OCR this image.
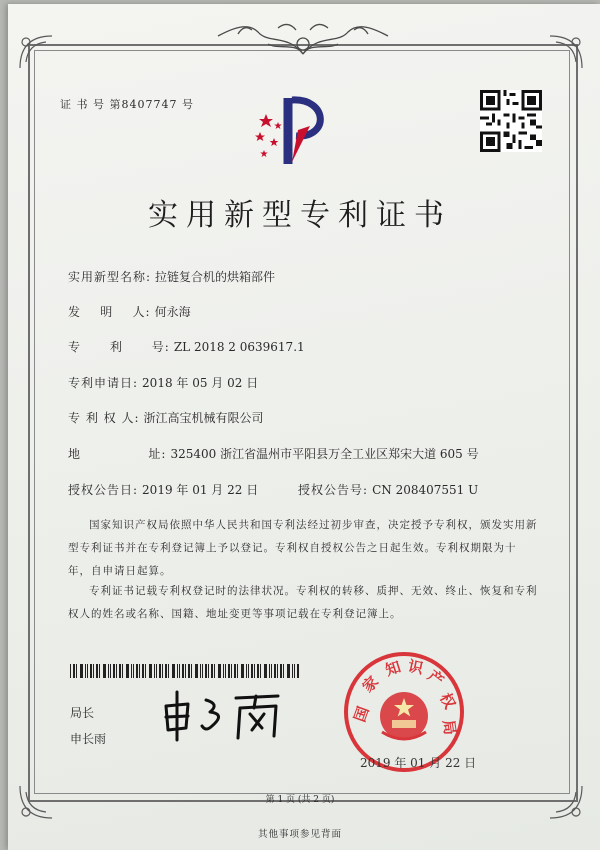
证 书 号 第8407747 号
实用新型专利证书
实用新型名称: 拉链复合机的烘箱部件
发    明    人: 何永海
专      利      号: ZL 2018 2 0639617.1
专利申请日: 2018 年 05 月 02 日
专 利 权 人: 浙江高宝机械有限公司
地              址: 325400 浙江省温州市平阳县万全工业区郑宋大道 605 号
授权公告日: 2019 年 01 月 22 日	授权公告号: CN 208407551 U
国家知识产权局依照中华人民共和国专利法经过初步审查，决定授予专利权，颁发实用新型专利证书并在专利登记簿上予以登记。专利权自授权公告之日起生效。专利权期限为十年，自申请日起算。
专利证书记载专利权登记时的法律状况。专利权的转移、质押、无效、终止、恢复和专利权人的姓名或名称、国籍、地址变更等事项记载在专利登记簿上。
局长
申长雨
国
家
知 识 产
权
局
2019 年 01 月 22 日
第 1 页 (共 2 页)
其他事项参见背面
